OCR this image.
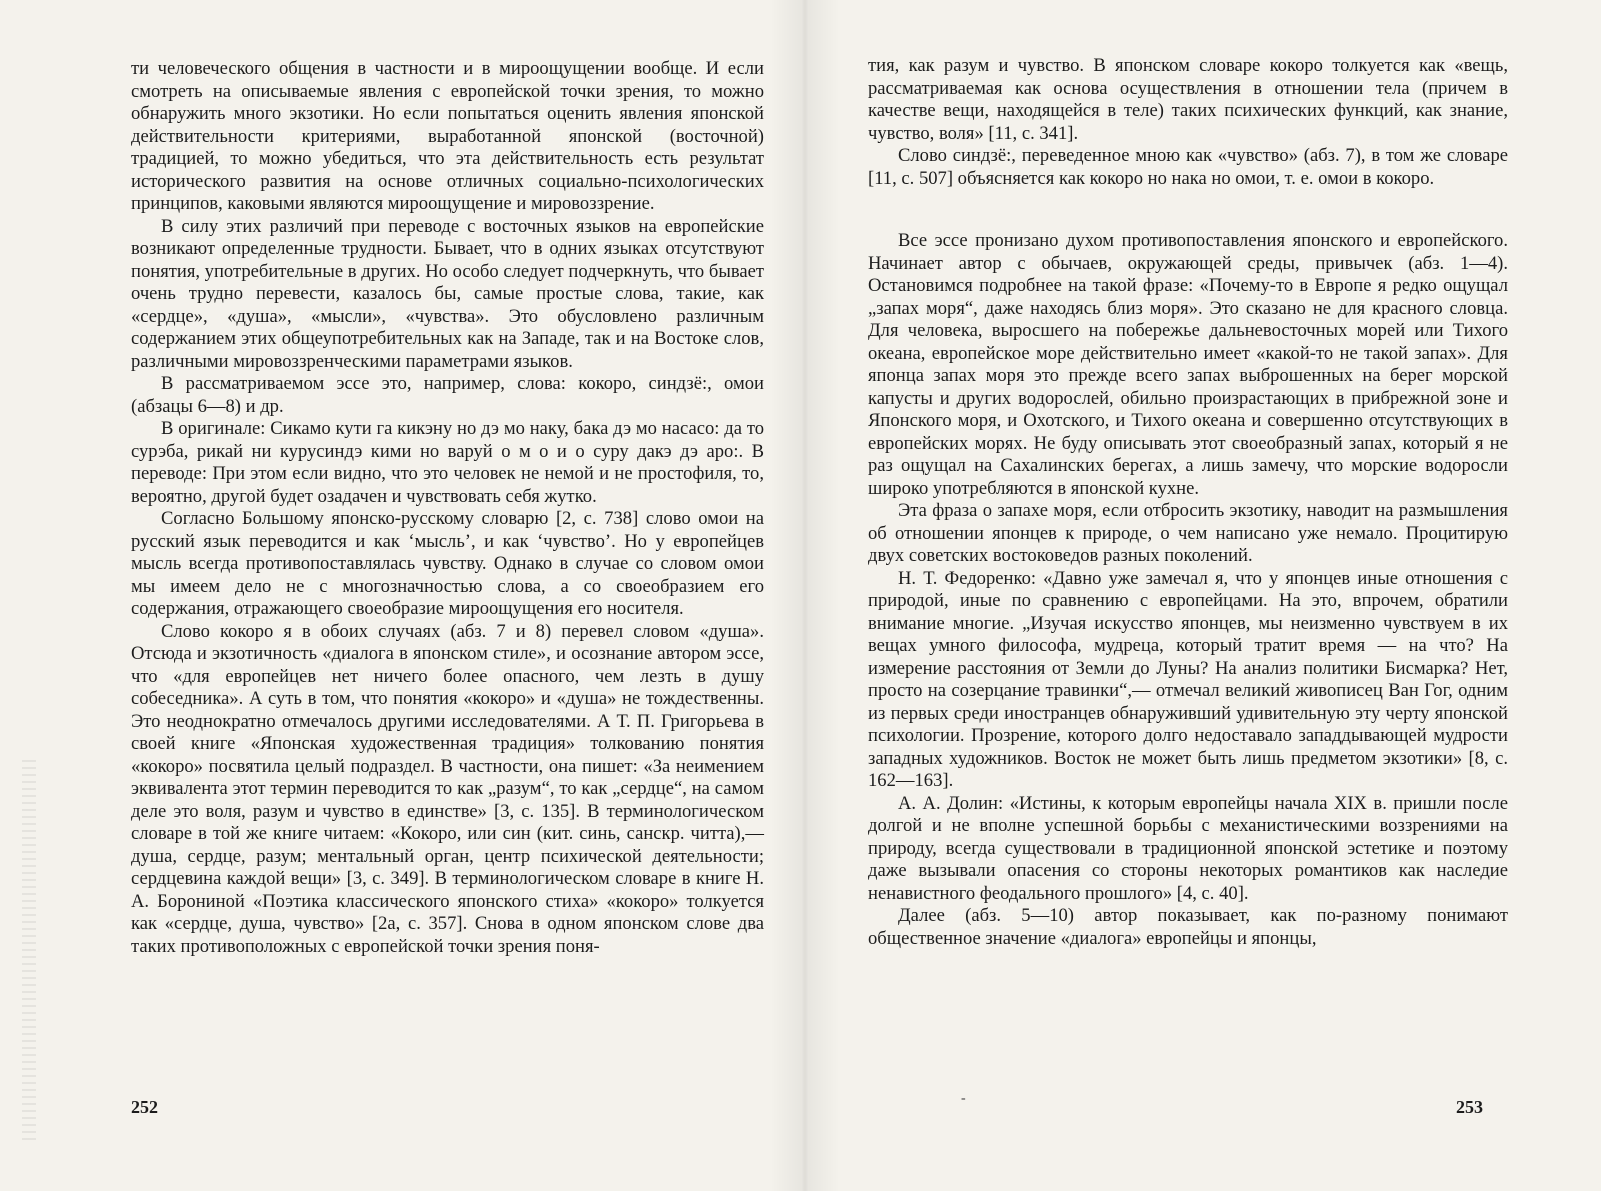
ти человеческого общения в частности и в мироощущении вообще. И если смотреть на описываемые явления с европейской точки зрения, то можно обнаружить много экзотики. Но если попытаться оценить явления японской действительности критериями, выработанной японской (восточной) традицией, то можно убедиться, что эта действительность есть результат исторического развития на основе отличных социально-психологических принципов, каковыми являются мироощущение и мировоззрение.

В силу этих различий при переводе с восточных языков на европейские возникают определенные трудности. Бывает, что в одних языках отсутствуют понятия, употребительные в других. Но особо следует подчеркнуть, что бывает очень трудно перевести, казалось бы, самые простые слова, такие, как «сердце», «душа», «мысли», «чувства». Это обусловлено различным содержанием этих общеупотребительных как на Западе, так и на Востоке слов, различными мировоззренческими параметрами языков.

В рассматриваемом эссе это, например, слова: кокоро, синдзё:, омои (абзацы 6—8) и др.

В оригинале: Сикамо кути га кикэну но дэ мо наку, бака дэ мо насасо: да то сурэба, рикай ни курусиндэ кими но варуй о м о и о суру дакэ дэ аро:. В переводе: При этом если видно, что это человек не немой и не простофиля, то, вероятно, другой будет озадачен и чувствовать себя жутко.

Согласно Большому японско-русскому словарю [2, с. 738] слово омои на русский язык переводится и как ‘мысль’, и как ‘чувство’. Но у европейцев мысль всегда противопоставлялась чувству. Однако в случае со словом омои мы имеем дело не с многозначностью слова, а со своеобразием его содержания, отражающего своеобразие мироощущения его носителя.

Слово кокоро я в обоих случаях (абз. 7 и 8) перевел словом «душа». Отсюда и экзотичность «диалога в японском стиле», и осознание автором эссе, что «для европейцев нет ничего более опасного, чем лезть в душу собеседника». А суть в том, что понятия «кокоро» и «душа» не тождественны. Это неоднократно отмечалось другими исследователями. А Т. П. Григорьева в своей книге «Японская художественная традиция» толкованию понятия «кокоро» посвятила целый подраздел. В частности, она пишет: «За неимением эквивалента этот термин переводится то как „разум“, то как „сердце“, на самом деле это воля, разум и чувство в единстве» [3, с. 135]. В терминологическом словаре в той же книге читаем: «Кокоро, или син (кит. синь, санскр. читта),— душа, сердце, разум; ментальный орган, центр психической деятельности; сердцевина каждой вещи» [3, с. 349]. В терминологическом словаре в книге Н. А. Борониной «Поэтика классического японского стиха» «кокоро» толкуется как «сердце, душа, чувство» [2а, с. 357]. Снова в одном японском слове два таких противоположных с европейской точки зрения поня-

252

тия, как разум и чувство. В японском словаре кокоро толкуется как «вещь, рассматриваемая как основа осуществления в отношении тела (причем в качестве вещи, находящейся в теле) таких психических функций, как знание, чувство, воля» [11, с. 341].

Слово синдзё:, переведенное мною как «чувство» (абз. 7), в том же словаре [11, с. 507] объясняется как кокоро но нака но омои, т. е. омои в кокоро.

Все эссе пронизано духом противопоставления японского и европейского. Начинает автор с обычаев, окружающей среды, привычек (абз. 1—4). Остановимся подробнее на такой фразе: «Почему-то в Европе я редко ощущал „запах моря“, даже находясь близ моря». Это сказано не для красного словца. Для человека, выросшего на побережье дальневосточных морей или Тихого океана, европейское море действительно имеет «какой-то не такой запах». Для японца запах моря это прежде всего запах выброшенных на берег морской капусты и других водорослей, обильно произрастающих в прибрежной зоне и Японского моря, и Охотского, и Тихого океана и совершенно отсутствующих в европейских морях. Не буду описывать этот своеобразный запах, который я не раз ощущал на Сахалинских берегах, а лишь замечу, что морские водоросли широко употребляются в японской кухне.

Эта фраза о запахе моря, если отбросить экзотику, наводит на размышления об отношении японцев к природе, о чем написано уже немало. Процитирую двух советских востоковедов разных поколений.

Н. Т. Федоренко: «Давно уже замечал я, что у японцев иные отношения с природой, иные по сравнению с европейцами. На это, впрочем, обратили внимание многие. „Изучая искусство японцев, мы неизменно чувствуем в их вещах умного философа, мудреца, который тратит время — на что? На измерение расстояния от Земли до Луны? На анализ политики Бисмарка? Нет, просто на созерцание травинки“,— отмечал великий живописец Ван Гог, одним из первых среди иностранцев обнаруживший удивительную эту черту японской психологии. Прозрение, которого долго недоставало западдывающей мудрости западных художников. Восток не может быть лишь предметом экзотики» [8, с. 162—163].

А. А. Долин: «Истины, к которым европейцы начала XIX в. пришли после долгой и не вполне успешной борьбы с механистическими воззрениями на природу, всегда существовали в традиционной японской эстетике и поэтому даже вызывали опасения со стороны некоторых романтиков как наследие ненавистного феодального прошлого» [4, с. 40].

Далее (абз. 5—10) автор показывает, как по-разному понимают общественное значение «диалога» европейцы и японцы,

-	253
